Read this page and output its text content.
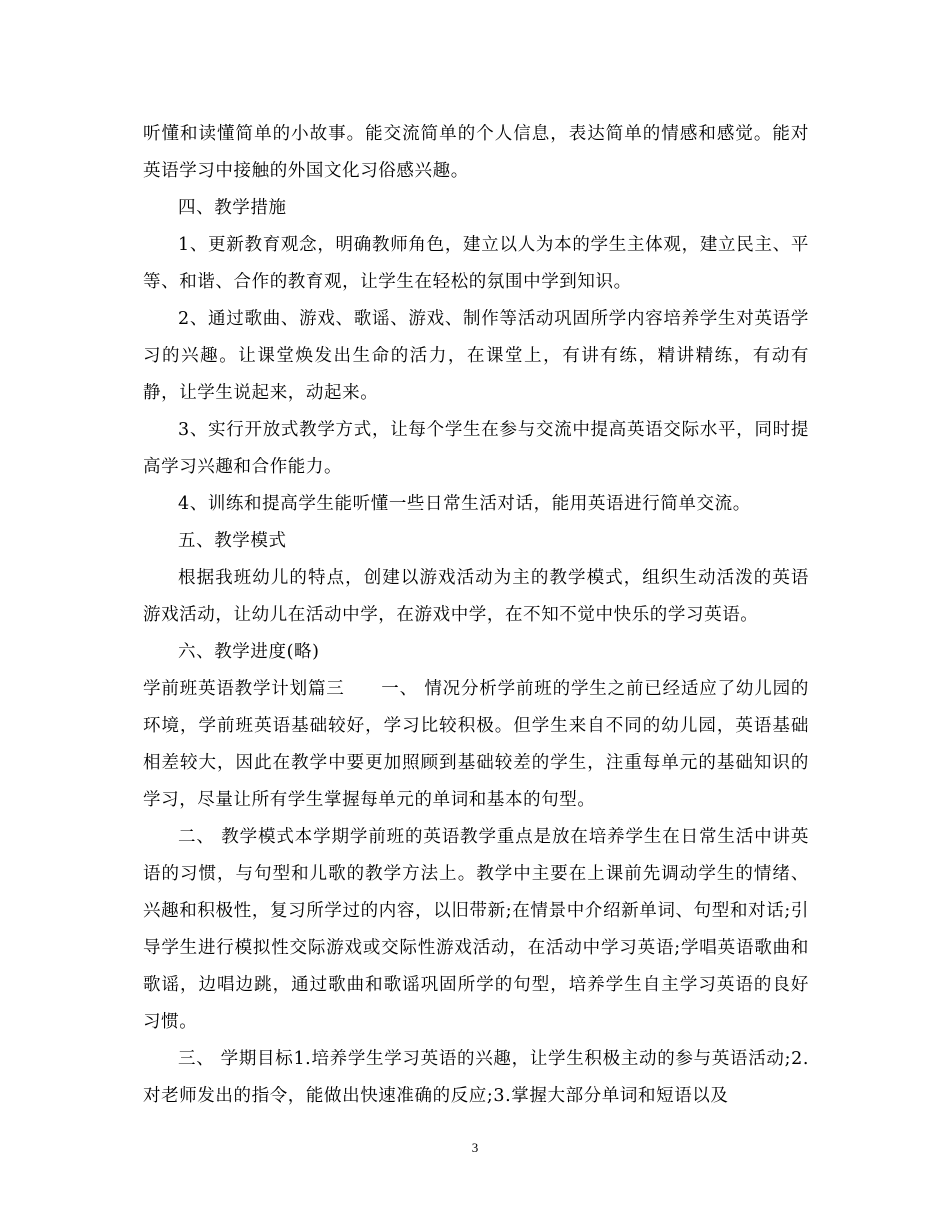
听懂和读懂简单的小故事。能交流简单的个人信息，表达简单的情感和感觉。能对英语学习中接触的外国文化习俗感兴趣。

四、教学措施

1、更新教育观念，明确教师角色，建立以人为本的学生主体观，建立民主、平等、和谐、合作的教育观，让学生在轻松的氛围中学到知识。

2、通过歌曲、游戏、歌谣、游戏、制作等活动巩固所学内容培养学生对英语学习的兴趣。让课堂焕发出生命的活力，在课堂上，有讲有练，精讲精练，有动有静，让学生说起来，动起来。

3、实行开放式教学方式，让每个学生在参与交流中提高英语交际水平，同时提高学习兴趣和合作能力。

4、训练和提高学生能听懂一些日常生活对话，能用英语进行简单交流。

五、教学模式

根据我班幼儿的特点，创建以游戏活动为主的教学模式，组织生动活泼的英语游戏活动，让幼儿在活动中学，在游戏中学，在不知不觉中快乐的学习英语。

六、教学进度(略)

学前班英语教学计划篇三　　一、 情况分析学前班的学生之前已经适应了幼儿园的环境，学前班英语基础较好，学习比较积极。但学生来自不同的幼儿园，英语基础相差较大，因此在教学中要更加照顾到基础较差的学生，注重每单元的基础知识的学习，尽量让所有学生掌握每单元的单词和基本的句型。

二、 教学模式本学期学前班的英语教学重点是放在培养学生在日常生活中讲英语的习惯，与句型和儿歌的教学方法上。教学中主要在上课前先调动学生的情绪、兴趣和积极性，复习所学过的内容，以旧带新;在情景中介绍新单词、句型和对话;引导学生进行模拟性交际游戏或交际性游戏活动，在活动中学习英语;学唱英语歌曲和歌谣，边唱边跳，通过歌曲和歌谣巩固所学的句型，培养学生自主学习英语的良好习惯。

三、 学期目标1.培养学生学习英语的兴趣，让学生积极主动的参与英语活动;2.对老师发出的指令，能做出快速准确的反应;3.掌握大部分单词和短语以及

3
